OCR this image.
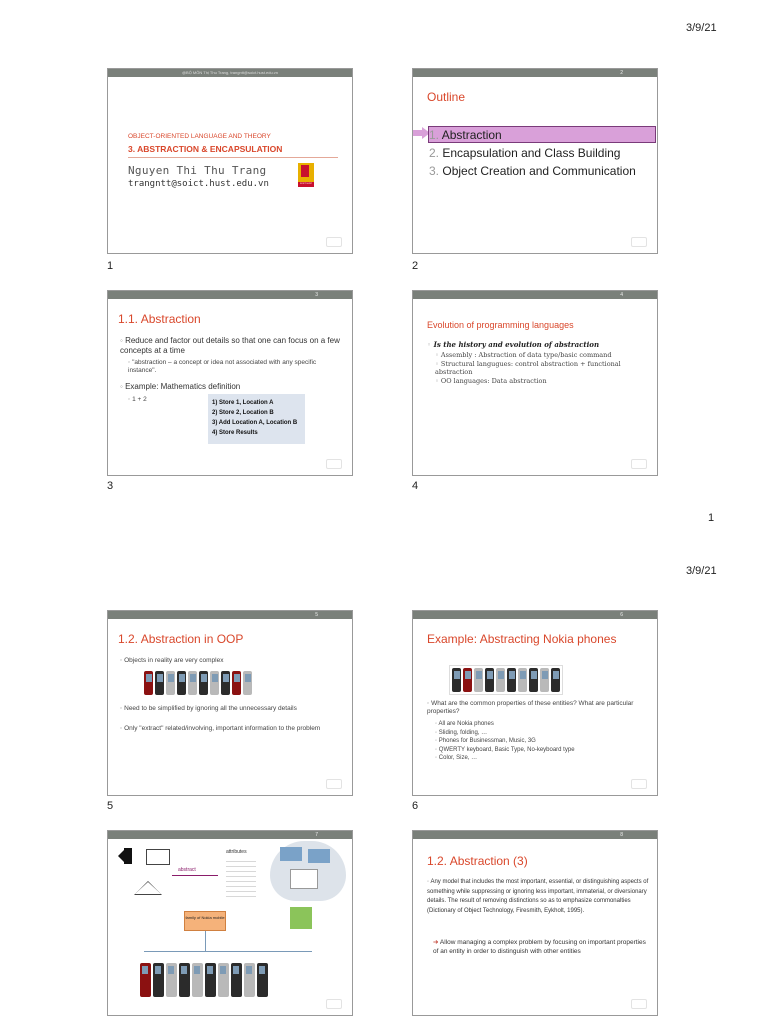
3/9/21
@BỘ MÔN Thị Thu Trang, trangntt@soict.hust.edu.vn
OBJECT-ORIENTED LANGUAGE AND THEORY
3. ABSTRACTION & ENCAPSULATION
Nguyen Thi Thu Trang
trangntt@soict.hust.edu.vn	SOICT HUST
1
2
Outline
1. Abstraction
2. Encapsulation and Class Building
3. Object Creation and Communication
2
3
1.1. Abstraction
◦ Reduce and factor out details so that one can focus on a few concepts at a time
◦ "abstraction – a concept or idea not associated with any specific instance".
◦ Example: Mathematics definition
◦ 1 + 2	1) Store 1, Location A
2) Store 2, Location B
3) Add Location A, Location B
4) Store Results
3
4
Evolution of programming languages
◦ Is the history and evolution of abstraction
◦ Assembly : Abstraction of data type/basic command
◦ Structural langugues: control abstraction + functional abstraction
◦ OO languages: Data abstraction
4
1
3/9/21
5
1.2. Abstraction in OOP
◦ Objects in reality are very complex
◦ Need to be simplified by ignoring all the unnecessary details
◦ Only "extract" related/involving, important information to the problem
5
6
Example: Abstracting Nokia phones
◦ What are the common properties of these entities? What are particular properties?
◦ All are Nokia phones
◦ Sliding, folding, …
◦ Phones for Businessman, Music, 3G
◦ QWERTY keyboard, Basic Type, No-keyboard type
◦ Color, Size, …
6
7
abstract
attributes
family of Nokia mobile
8
1.2. Abstraction (3)
◦ Any model that includes the most important, essential, or distinguishing aspects of something while suppressing or ignoring less important, immaterial, or diversionary details. The result of removing distinctions so as to emphasize commonalties (Dictionary of Object Technology, Firesmith, Eykholt, 1995).
➔ Allow managing a complex problem by focusing on important properties of an entity in order to distinguish with other entities
